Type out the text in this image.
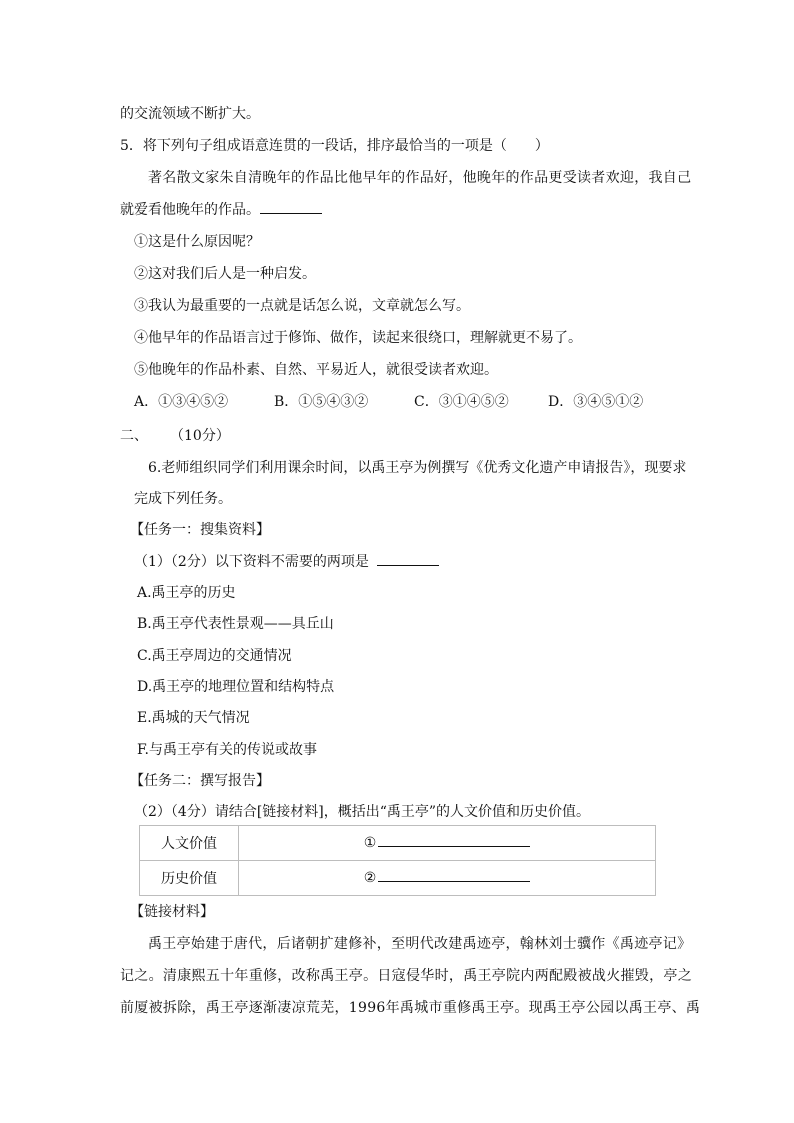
的交流领域不断扩大。
5．将下列句子组成语意连贯的一段话，排序最恰当的一项是（　　）
著名散文家朱自清晚年的作品比他早年的作品好，他晚年的作品更受读者欢迎，我自己
就爱看他晚年的作品。
①这是什么原因呢？
②这对我们后人是一种启发。
③我认为最重要的一点就是话怎么说，文章就怎么写。
④他早年的作品语言过于修饰、做作，读起来很绕口，理解就更不易了。
⑤他晚年的作品朴素、自然、平易近人，就很受读者欢迎。
A．①③④⑤②	B．①⑤④③②	C．③①④⑤②	D．③④⑤①②
二、 （10分）
6.老师组织同学们利用课余时间，以禹王亭为例撰写《优秀文化遗产申请报告》，现要求
完成下列任务。
【任务一：搜集资料】
（1）（2分）以下资料不需要的两项是
A.禹王亭的历史
B.禹王亭代表性景观——具丘山
C.禹王亭周边的交通情况
D.禹王亭的地理位置和结构特点
E.禹城的天气情况
F.与禹王亭有关的传说或故事
【任务二：撰写报告】
（2）（4分）请结合[链接材料]，概括出“禹王亭”的人文价值和历史价值。
人文价值	①
历史价值	②
【链接材料】
禹王亭始建于唐代，后诸朝扩建修补，至明代改建禹迹亭，翰林刘士骥作《禹迹亭记》
记之。清康熙五十年重修，改称禹王亭。日寇侵华时，禹王亭院内两配殿被战火摧毁，亭之
前厦被拆除，禹王亭逐渐凄凉荒芜，1996年禹城市重修禹王亭。现禹王亭公园以禹王亭、禹
